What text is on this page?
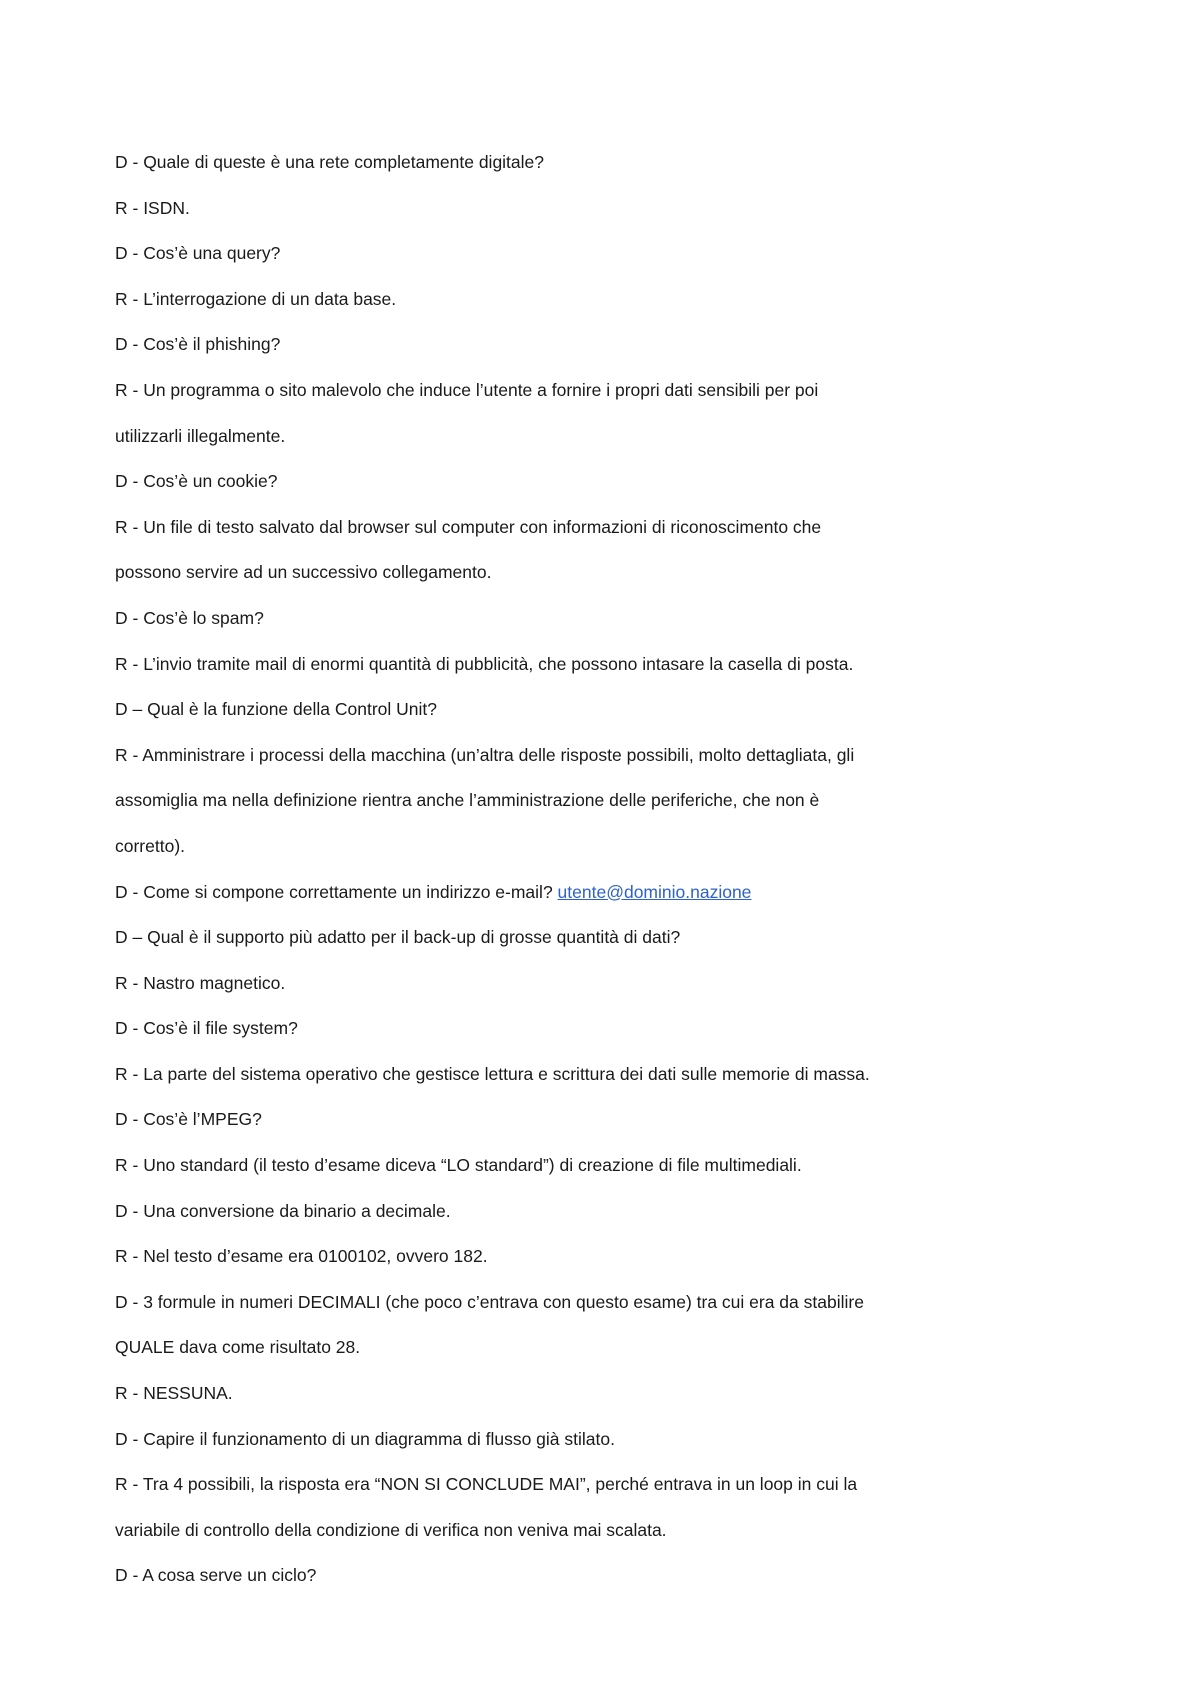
D - Quale di queste è una rete completamente digitale?

R - ISDN.

D - Cos’è una query?

R - L’interrogazione di un data base.

D - Cos’è il phishing?

R - Un programma o sito malevolo che induce l’utente a fornire i propri dati sensibili per poi

utilizzarli illegalmente.

D - Cos’è un cookie?

R - Un file di testo salvato dal browser sul computer con informazioni di riconoscimento che

possono servire ad un successivo collegamento.

D - Cos’è lo spam?

R - L’invio tramite mail di enormi quantità di pubblicità, che possono intasare la casella di posta.

D – Qual è la funzione della Control Unit?

R - Amministrare i processi della macchina (un’altra delle risposte possibili, molto dettagliata, gli

assomiglia ma nella definizione rientra anche l’amministrazione delle periferiche, che non è

corretto).

D - Come si compone correttamente un indirizzo e-mail? utente@dominio.nazione

D – Qual è il supporto più adatto per il back-up di grosse quantità di dati?

R - Nastro magnetico.

D - Cos’è il file system?

R - La parte del sistema operativo che gestisce lettura e scrittura dei dati sulle memorie di massa.

D - Cos’è l’MPEG?

R - Uno standard (il testo d’esame diceva “LO standard”) di creazione di file multimediali.

D - Una conversione da binario a decimale.

R - Nel testo d’esame era 0100102, ovvero 182.

D - 3 formule in numeri DECIMALI (che poco c’entrava con questo esame) tra cui era da stabilire

QUALE dava come risultato 28.

R - NESSUNA.

D - Capire il funzionamento di un diagramma di flusso già stilato.

R - Tra 4 possibili, la risposta era “NON SI CONCLUDE MAI”, perché entrava in un loop in cui la

variabile di controllo della condizione di verifica non veniva mai scalata.

D - A cosa serve un ciclo?
